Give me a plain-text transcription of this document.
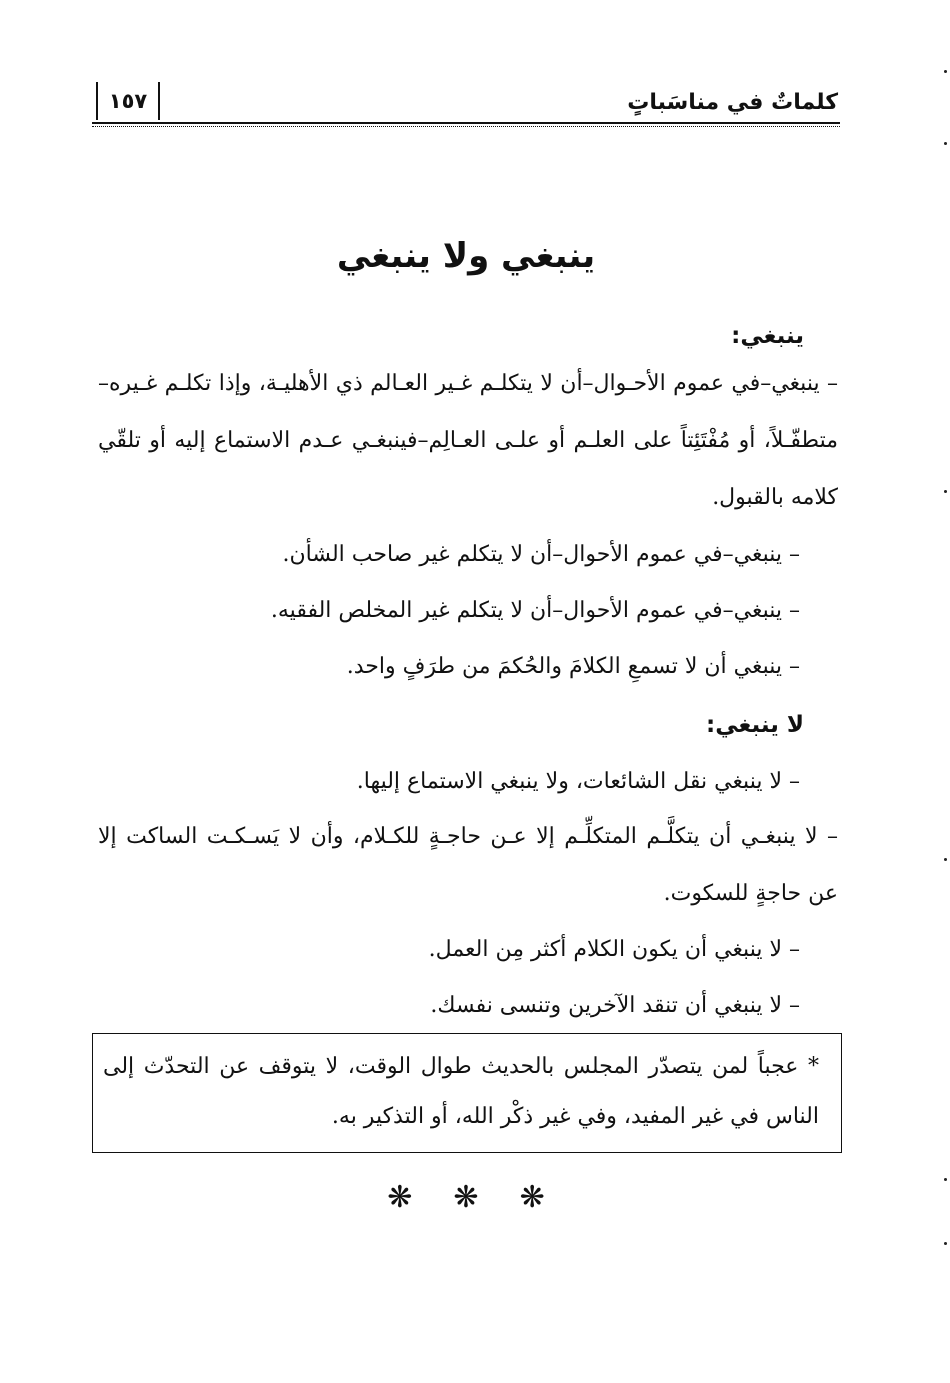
١٥٧	كلماتٌ في مناسَباتٍ
ينبغي ولا ينبغي
ينبغي:
– ينبغي–في عموم الأحـوال–أن لا يتكلـم غـير العـالم ذي الأهليـة، وإذا تكلـم غـيره–متطفّـلاً، أو مُفْتَئِتاً على العلـم أو علـى العـالِم–فينبغـي عـدم الاستماع إليه أو تلقّي كلامه بالقبول.
– ينبغي–في عموم الأحوال–أن لا يتكلم غير صاحب الشأن.
– ينبغي–في عموم الأحوال–أن لا يتكلم غير المخلص الفقيه.
– ينبغي أن لا تسمعِ الكلامَ والحُكمَ من طرَفٍ واحد.
لا ينبغي:
– لا ينبغي نقل الشائعات، ولا ينبغي الاستماع إليها.
– لا ينبغـي أن يتكلَّـم المتكلِّـم إلا عـن حاجـةٍ للكـلام، وأن لا يَسـكـت الساكت إلا عن حاجةٍ للسكوت.
– لا ينبغي أن يكون الكلام أكثر مِن العمل.
– لا ينبغي أن تنقد الآخرين وتنسى نفسك.
* عجباً لمن يتصدّر المجلس بالحديث طوال الوقت، لا يتوقف عن التحدّث إلى الناس في غير المفيد، وفي غير ذكْر الله، أو التذكير به.
❋ ❋ ❋
